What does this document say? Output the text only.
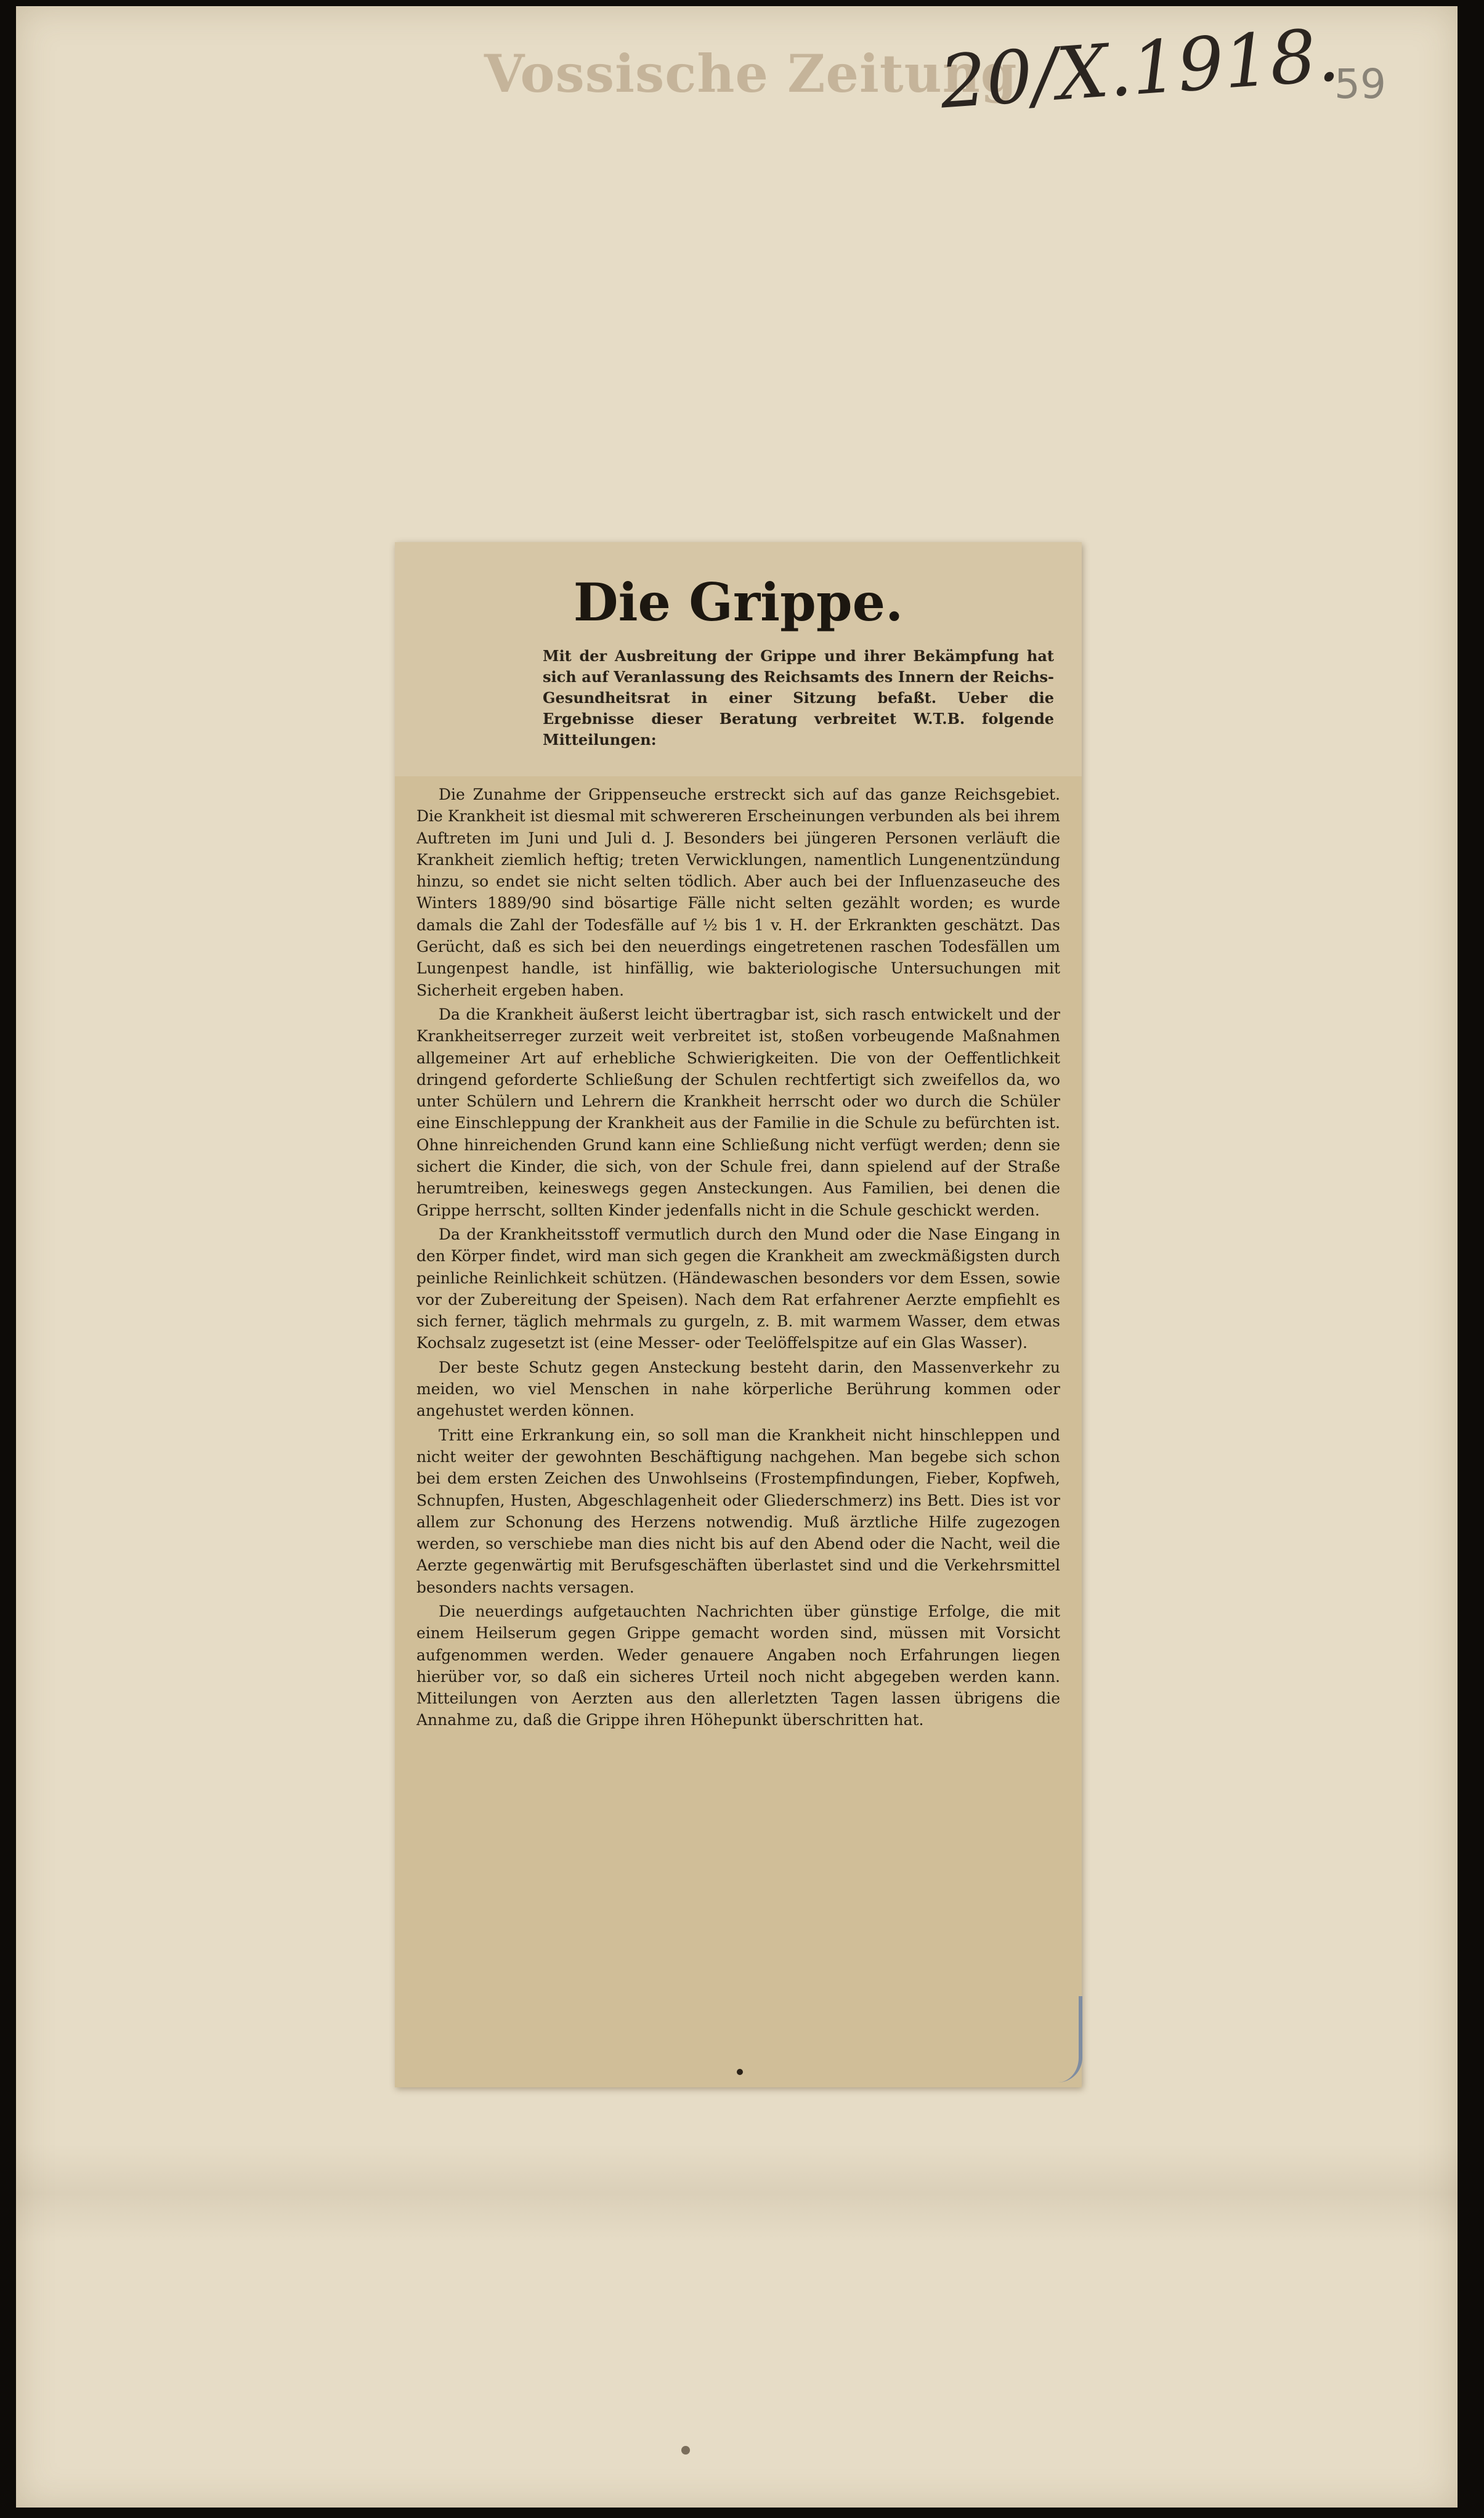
Vossische Zeitung
20/X.1918.
59
Die Grippe.
Mit der Ausbreitung der Grippe und ihrer Bekämpfung hat sich auf Veranlassung des Reichsamts des Innern der Reichs-Gesundheitsrat in einer Sitzung befaßt. Ueber die Ergebnisse dieser Beratung verbreitet W.T.B. folgende Mitteilungen:

Die Zunahme der Grippenseuche erstreckt sich auf das ganze Reichsgebiet. Die Krankheit ist diesmal mit schwereren Erscheinungen verbunden als bei ihrem Auftreten im Juni und Juli d. J. Besonders bei jüngeren Personen verläuft die Krankheit ziemlich heftig; treten Verwicklungen, namentlich Lungenentzündung hinzu, so endet sie nicht selten tödlich. Aber auch bei der Influenzaseuche des Winters 1889/90 sind bösartige Fälle nicht selten gezählt worden; es wurde damals die Zahl der Todesfälle auf ½ bis 1 v. H. der Erkrankten geschätzt. Das Gerücht, daß es sich bei den neuerdings eingetretenen raschen Todesfällen um Lungenpest handle, ist hinfällig, wie bakteriologische Untersuchungen mit Sicherheit ergeben haben.

Da die Krankheit äußerst leicht übertragbar ist, sich rasch entwickelt und der Krankheitserreger zurzeit weit verbreitet ist, stoßen vorbeugende Maßnahmen allgemeiner Art auf erhebliche Schwierigkeiten. Die von der Oeffentlichkeit dringend geforderte Schließung der Schulen rechtfertigt sich zweifellos da, wo unter Schülern und Lehrern die Krankheit herrscht oder wo durch die Schüler eine Einschleppung der Krankheit aus der Familie in die Schule zu befürchten ist. Ohne hinreichenden Grund kann eine Schließung nicht verfügt werden; denn sie sichert die Kinder, die sich, von der Schule frei, dann spielend auf der Straße herumtreiben, keineswegs gegen Ansteckungen. Aus Familien, bei denen die Grippe herrscht, sollten Kinder jedenfalls nicht in die Schule geschickt werden.

Da der Krankheitsstoff vermutlich durch den Mund oder die Nase Eingang in den Körper findet, wird man sich gegen die Krankheit am zweckmäßigsten durch peinliche Reinlichkeit schützen. (Händewaschen besonders vor dem Essen, sowie vor der Zubereitung der Speisen). Nach dem Rat erfahrener Aerzte empfiehlt es sich ferner, täglich mehrmals zu gurgeln, z. B. mit warmem Wasser, dem etwas Kochsalz zugesetzt ist (eine Messer- oder Teelöffelspitze auf ein Glas Wasser).

Der beste Schutz gegen Ansteckung besteht darin, den Massenverkehr zu meiden, wo viel Menschen in nahe körperliche Berührung kommen oder angehustet werden können.

Tritt eine Erkrankung ein, so soll man die Krankheit nicht hinschleppen und nicht weiter der gewohnten Beschäftigung nachgehen. Man begebe sich schon bei dem ersten Zeichen des Unwohlseins (Frostempfindungen, Fieber, Kopfweh, Schnupfen, Husten, Abgeschlagenheit oder Gliederschmerz) ins Bett. Dies ist vor allem zur Schonung des Herzens notwendig. Muß ärztliche Hilfe zugezogen werden, so verschiebe man dies nicht bis auf den Abend oder die Nacht, weil die Aerzte gegenwärtig mit Berufsgeschäften überlastet sind und die Verkehrsmittel besonders nachts versagen.

Die neuerdings aufgetauchten Nachrichten über günstige Erfolge, die mit einem Heilserum gegen Grippe gemacht worden sind, müssen mit Vorsicht aufgenommen werden. Weder genauere Angaben noch Erfahrungen liegen hierüber vor, so daß ein sicheres Urteil noch nicht abgegeben werden kann. Mitteilungen von Aerzten aus den allerletzten Tagen lassen übrigens die Annahme zu, daß die Grippe ihren Höhepunkt überschritten hat.
